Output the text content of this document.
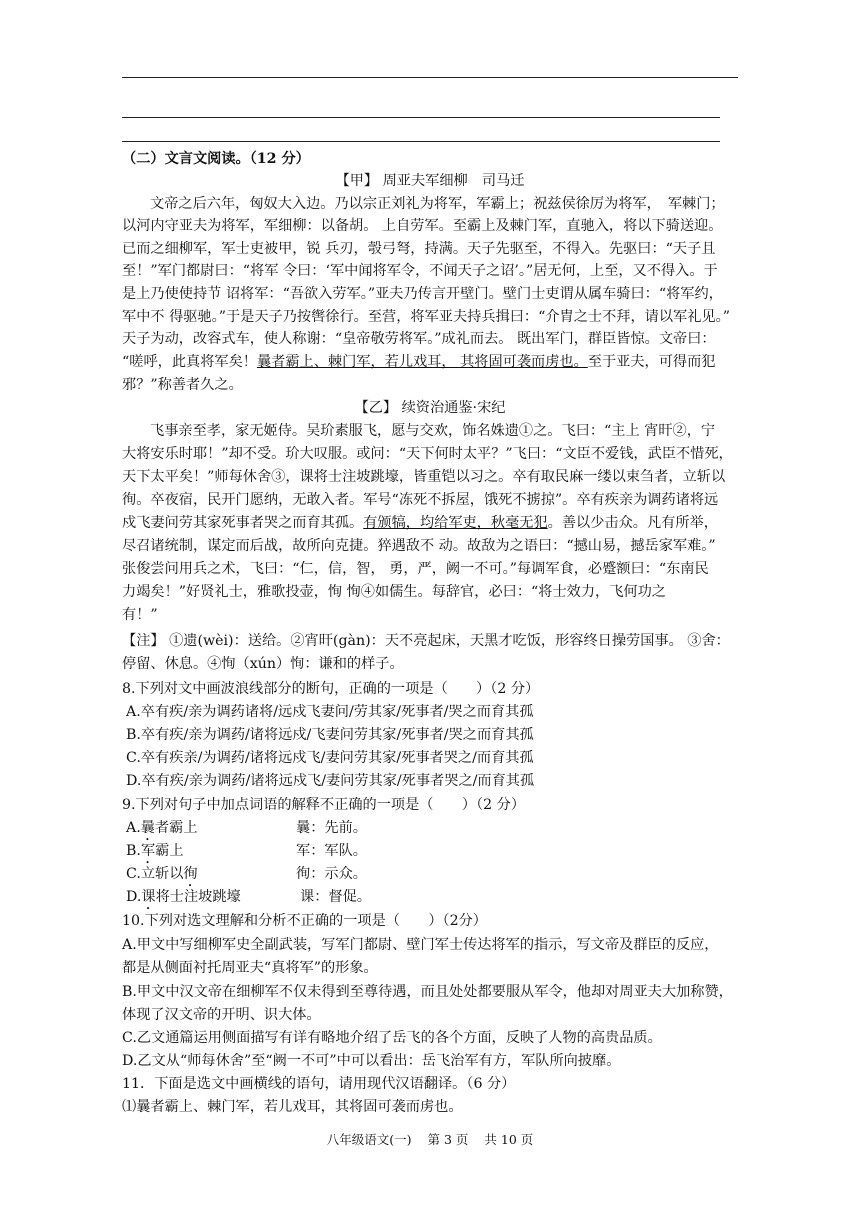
（二）文言文阅读。（12 分）
【甲】 周亚夫军细柳　司马迁
文帝之后六年，匈奴大入边。乃以宗正刘礼为将军，军霸上；祝兹侯徐厉为将军，　军棘门；
以河内守亚夫为将军，军细柳：以备胡。 上自劳军。至霸上及棘门军，直驰入，将以下骑送迎。
已而之细柳军，军士吏被甲，锐 兵刃，彀弓弩，持满。天子先驱至，不得入。先驱曰：“天子且
至！”军门都尉曰：“将军 令曰：‘军中闻将军令，不闻天子之诏’。”居无何，上至，又不得入。于
是上乃使使持节 诏将军：“吾欲入劳军。”亚夫乃传言开壁门。壁门士吏谓从属车骑曰：“将军约，
军中不 得驱驰。”于是天子乃按辔徐行。至营，将军亚夫持兵揖曰：“介胄之士不拜，请以军礼见。”
天子为动，改容式车，使人称谢：“皇帝敬劳将军。”成礼而去。 既出军门，群臣皆惊。文帝曰：
“嗟呼，此真将军矣！曩者霸上、棘门军，若儿戏耳， 其将固可袭而虏也。至于亚夫，可得而犯
邪？”称善者久之。
【乙】 续资治通鉴·宋纪
飞事亲至孝，家无姬侍。吴玠素服飞，愿与交欢，饰名姝遗①之。飞曰：“主上 宵旰②，宁
大将安乐时耶！”却不受。玠大叹服。或问：“天下何时太平？”飞曰：“文臣不爱钱，武臣不惜死，
天下太平矣！”师每休舍③，课将士注坡跳壕，皆重铠以习之。卒有取民麻一缕以束刍者，立斩以
徇。卒夜宿，民开门愿纳，无敢入者。军号“冻死不拆屋，饿死不掳掠”。卒有疾亲为调药诸将远
戍飞妻问劳其家死事者哭之而育其孤。有颁犒，均给军吏，秋毫无犯。善以少击众。凡有所举，
尽召诸统制，谋定而后战，故所向克捷。猝遇敌不 动。故敌为之语曰：“撼山易，撼岳家军难。”
张俊尝问用兵之术，飞曰：“仁，信，智， 勇，严，阙一不可。”每调军食，必蹙额曰：“东南民
力竭矣！”好贤礼士，雅歌投壶，恂 恂④如儒生。每辞官，必曰：“将士效力，飞何功之
有！”
【注】 ①遗(wèi)：送给。②宵旰(gàn)：天不亮起床，天黑才吃饭，形容终日操劳国事。 ③舍：
停留、休息。④恂（xún）恂：谦和的样子。
8.下列对文中画波浪线部分的断句，正确的一项是（　　）（2 分）
A.卒有疾/亲为调药诸将/远戍飞妻问/劳其家/死事者/哭之而育其孤
B.卒有疾/亲为调药/诸将远戍/飞妻问劳其家/死事者/哭之而育其孤
C.卒有疾亲/为调药/诸将远戍飞/妻问劳其家/死事者哭之/而育其孤
D.卒有疾/亲为调药/诸将远戍飞/妻问劳其家/死事者哭之/而育其孤
9.下列对句子中加点词语的解释不正确的一项是（　　）（2 分）
A.曩者霸上	曩：先前。
B.军霸上	军：军队。
C.立斩以徇	徇：示众。
D.课将士注坡跳壕	课：督促。
10.下列对选文理解和分析不正确的一项是（　　）（2分）
A.甲文中写细柳军史全副武装，写军门都尉、壁门军士传达将军的指示，写文帝及群臣的反应，
都是从侧面衬托周亚夫“真将军”的形象。
B.甲文中汉文帝在细柳军不仅未得到至尊待遇，而且处处都要服从军令，他却对周亚夫大加称赞，
体现了汉文帝的开明、识大体。
C.乙文通篇运用侧面描写有详有略地介绍了岳飞的各个方面，反映了人物的高贵品质。
D.乙文从“师每休舍”至“阙一不可”中可以看出：岳飞治军有方，军队所向披靡。
11．下面是选文中画横线的语句，请用现代汉语翻译。（6 分）
⑴曩者霸上、棘门军，若儿戏耳，其将固可袭而虏也。
八年级语文(一) 第 3 页 共 10 页
